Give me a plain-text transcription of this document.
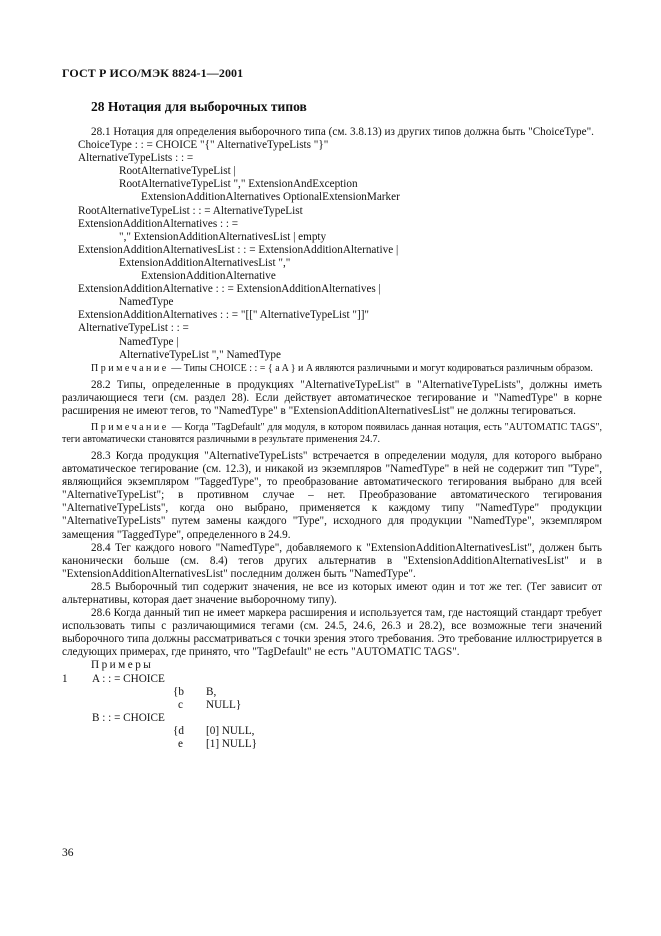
ГОСТ Р ИСО/МЭК 8824-1—2001
28 Нотация для выборочных типов

28.1 Нотация для определения выборочного типа (см. 3.8.13) из других типов должна быть "ChoiceType".

ChoiceType : : = CHOICE "{" AlternativeTypeLists "}"

AlternativeTypeLists : : =

RootAlternativeTypeList |

RootAlternativeTypeList "," ExtensionAndException

ExtensionAdditionAlternatives OptionalExtensionMarker

RootAlternativeTypeList : : = AlternativeTypeList

ExtensionAdditionAlternatives : : =

"," ExtensionAdditionAlternativesList | empty

ExtensionAdditionAlternativesList : : = ExtensionAdditionAlternative |

ExtensionAdditionAlternativesList ","

ExtensionAdditionAlternative

ExtensionAdditionAlternative : : = ExtensionAdditionAlternatives |

NamedType

ExtensionAdditionAlternatives : : = "[[" AlternativeTypeList "]]"

AlternativeTypeList : : =

NamedType |

AlternativeTypeList "," NamedType

Примечание — Типы CHOICE : : = { a A } и A являются различными и могут кодироваться различным образом.

28.2 Типы, определенные в продукциях "AlternativeTypeList" в "AlternativeTypeLists", должны иметь различающиеся теги (см. раздел 28). Если действует автоматическое тегирование и "NamedType" в корне расширения не имеют тегов, то "NamedType" в "ExtensionAdditionAlternativesList" не должны тегироваться.

Примечание — Когда "TagDefault" для модуля, в котором появилась данная нотация, есть "AUTOMATIC TAGS", теги автоматически становятся различными в результате применения 24.7.

28.3 Когда продукция "AlternativeTypeLists" встречается в определении модуля, для которого выбрано автоматическое тегирование (см. 12.3), и никакой из экземпляров "NamedType" в ней не содержит тип "Type", являющийся экземпляром "TaggedType", то преобразование автоматического тегирования выбрано для всей "AlternativeTypeList"; в противном случае – нет. Преобразование автоматического тегирования "AlternativeTypeLists", когда оно выбрано, применяется к каждому типу "NamedType" продукции "AlternativeTypeLists" путем замены каждого "Type", исходного для продукции "NamedType", экземпляром замещения "TaggedType", определенного в 24.9.

28.4 Тег каждого нового "NamedType", добавляемого к "ExtensionAdditionAlternativesList", должен быть канонически больше (см. 8.4) тегов других альтернатив в "ExtensionAdditionAlternativesList" и в "ExtensionAdditionAlternativesList" последним должен быть "NamedType".

28.5 Выборочный тип содержит значения, не все из которых имеют один и тот же тег. (Тег зависит от альтернативы, которая дает значение выборочному типу).

28.6 Когда данный тип не имеет маркера расширения и используется там, где настоящий стандарт требует использовать типы с различающимися тегами (см. 24.5, 24.6, 26.3 и 28.2), все возможные теги значений выборочного типа должны рассматриваться с точки зрения этого требования. Это требование иллюстрируется в следующих примерах, где принято, что "TagDefault" не есть "AUTOMATIC TAGS".

Примеры

1 A : : = CHOICE
{b B,
c NULL}
B : : = CHOICE
{d [0] NULL,
e [1] NULL}
36
